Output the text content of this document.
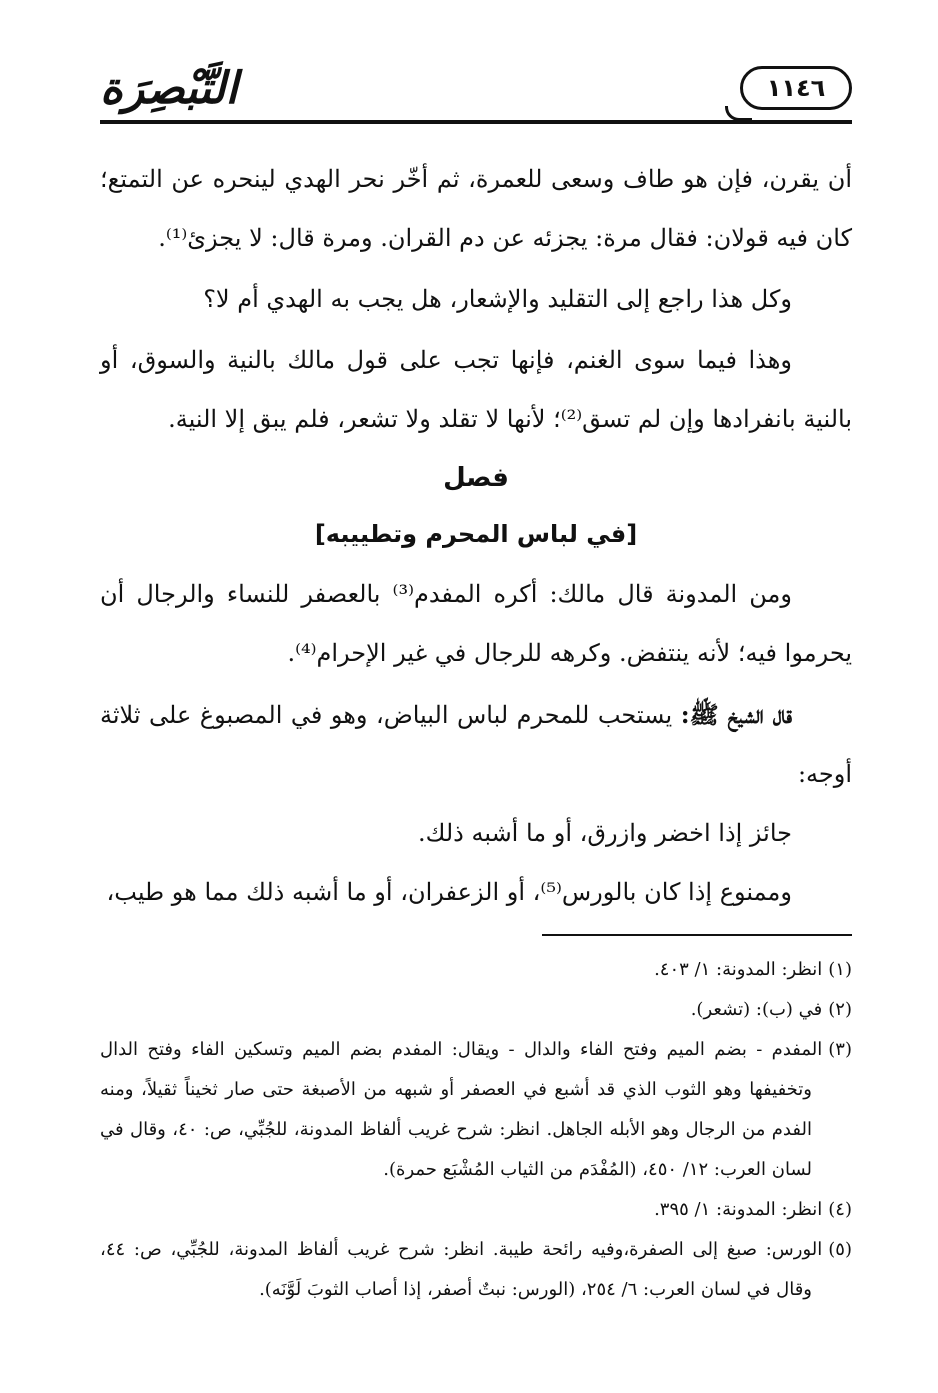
التَّبْصِرَة	١١٤٦

أن يقرن، فإن هو طاف وسعى للعمرة، ثم أخّر نحر الهدي لينحره عن التمتع؛ كان فيه قولان: فقال مرة: يجزئه عن دم القران. ومرة قال: لا يجزئ⁽¹⁾.

وكل هذا راجع إلى التقليد والإشعار، هل يجب به الهدي أم لا؟

وهذا فيما سوى الغنم، فإنها تجب على قول مالك بالنية والسوق، أو بالنية بانفرادها وإن لم تسق⁽²⁾؛ لأنها لا تقلد ولا تشعر، فلم يبق إلا النية.

فصل

[في لباس المحرم وتطييبه]

ومن المدونة قال مالك: أكره المفدم⁽³⁾ بالعصفر للنساء والرجال أن يحرموا فيه؛ لأنه ينتفض. وكرهه للرجال في غير الإحرام⁽⁴⁾.

قال الشيخ ﷺ: يستحب للمحرم لباس البياض، وهو في المصبوغ على ثلاثة أوجه:

جائز إذا اخضر وازرق، أو ما أشبه ذلك.

وممنوع إذا كان بالورس⁽⁵⁾، أو الزعفران، أو ما أشبه ذلك مما هو طيب،

(١)انظر: المدونة: ١/ ٤٠٣.

(٢)في (ب): (تشعر).

(٣)المفدم - بضم الميم وفتح الفاء والدال - ويقال: المفدم بضم الميم وتسكين الفاء وفتح الدال وتخفيفها وهو الثوب الذي قد أشبع في العصفر أو شبهه من الأصبغة حتى صار ثخيناً ثقيلاً، ومنه الفدم من الرجال وهو الأبله الجاهل. انظر: شرح غريب ألفاظ المدونة، للجُبِّي، ص: ٤٠، وقال في لسان العرب: ١٢/ ٤٥٠، (المُفْدَم من الثياب المُشْبَع حمرة).

(٤)انظر: المدونة: ١/ ٣٩٥.

(٥)الورس: صبغ إلى الصفرة،وفيه رائحة طيبة. انظر: شرح غريب ألفاظ المدونة، للجُبِّي، ص: ٤٤، وقال في لسان العرب: ٦/ ٢٥٤، (الورس: نبتٌ أصفر، إذا أصاب الثوبَ لَوَّنَه).
